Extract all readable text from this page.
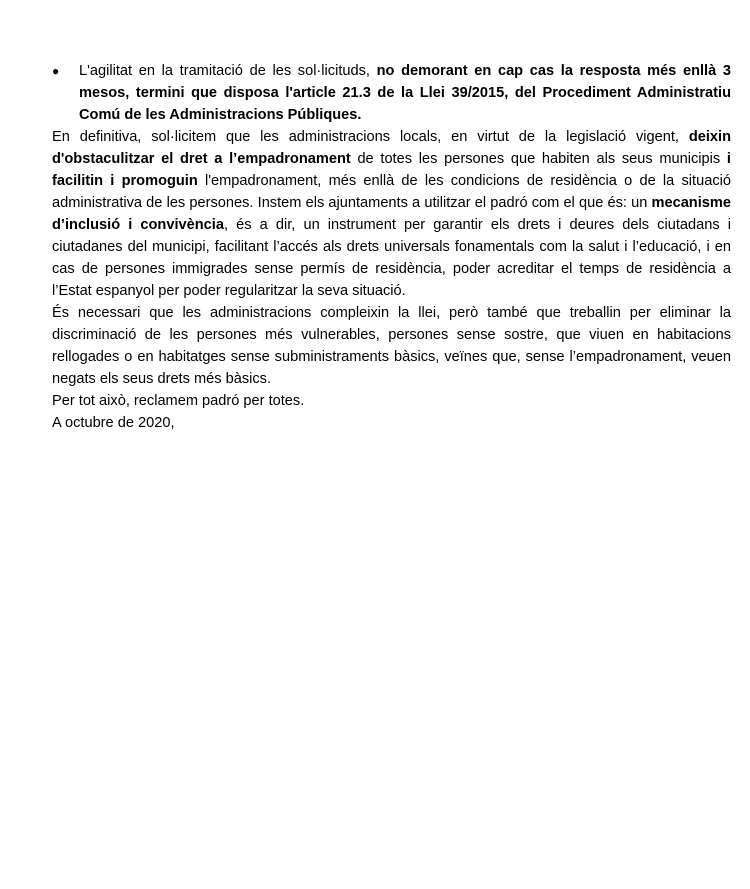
● L'agilitat en la tramitació de les sol·licituds, no demorant en cap cas la resposta més enllà 3 mesos, termini que disposa l'article 21.3 de la Llei 39/2015, del Procediment Administratiu Comú de les Administracions Públiques.

En definitiva, sol·licitem que les administracions locals, en virtut de la legislació vigent, deixin d'obstaculitzar el dret a l’empadronament de totes les persones que habiten als seus municipis i facilitin i promoguin l'empadronament, més enllà de les condicions de residència o de la situació administrativa de les persones. Instem els ajuntaments a utilitzar el padró com el que és: un mecanisme d’inclusió i convivència, és a dir, un instrument per garantir els drets i deures dels ciutadans i ciutadanes del municipi, facilitant l’accés als drets universals fonamentals com la salut i l’educació, i en cas de persones immigrades sense permís de residència, poder acreditar el temps de residència a l’Estat espanyol per poder regularitzar la seva situació.

És necessari que les administracions compleixin la llei, però també que treballin per eliminar la discriminació de les persones més vulnerables, persones sense sostre, que viuen en habitacions rellogades o en habitatges sense subministraments bàsics, veïnes que, sense l’empadronament, veuen negats els seus drets més bàsics.

Per tot això, reclamem padró per totes.

A octubre de 2020,
